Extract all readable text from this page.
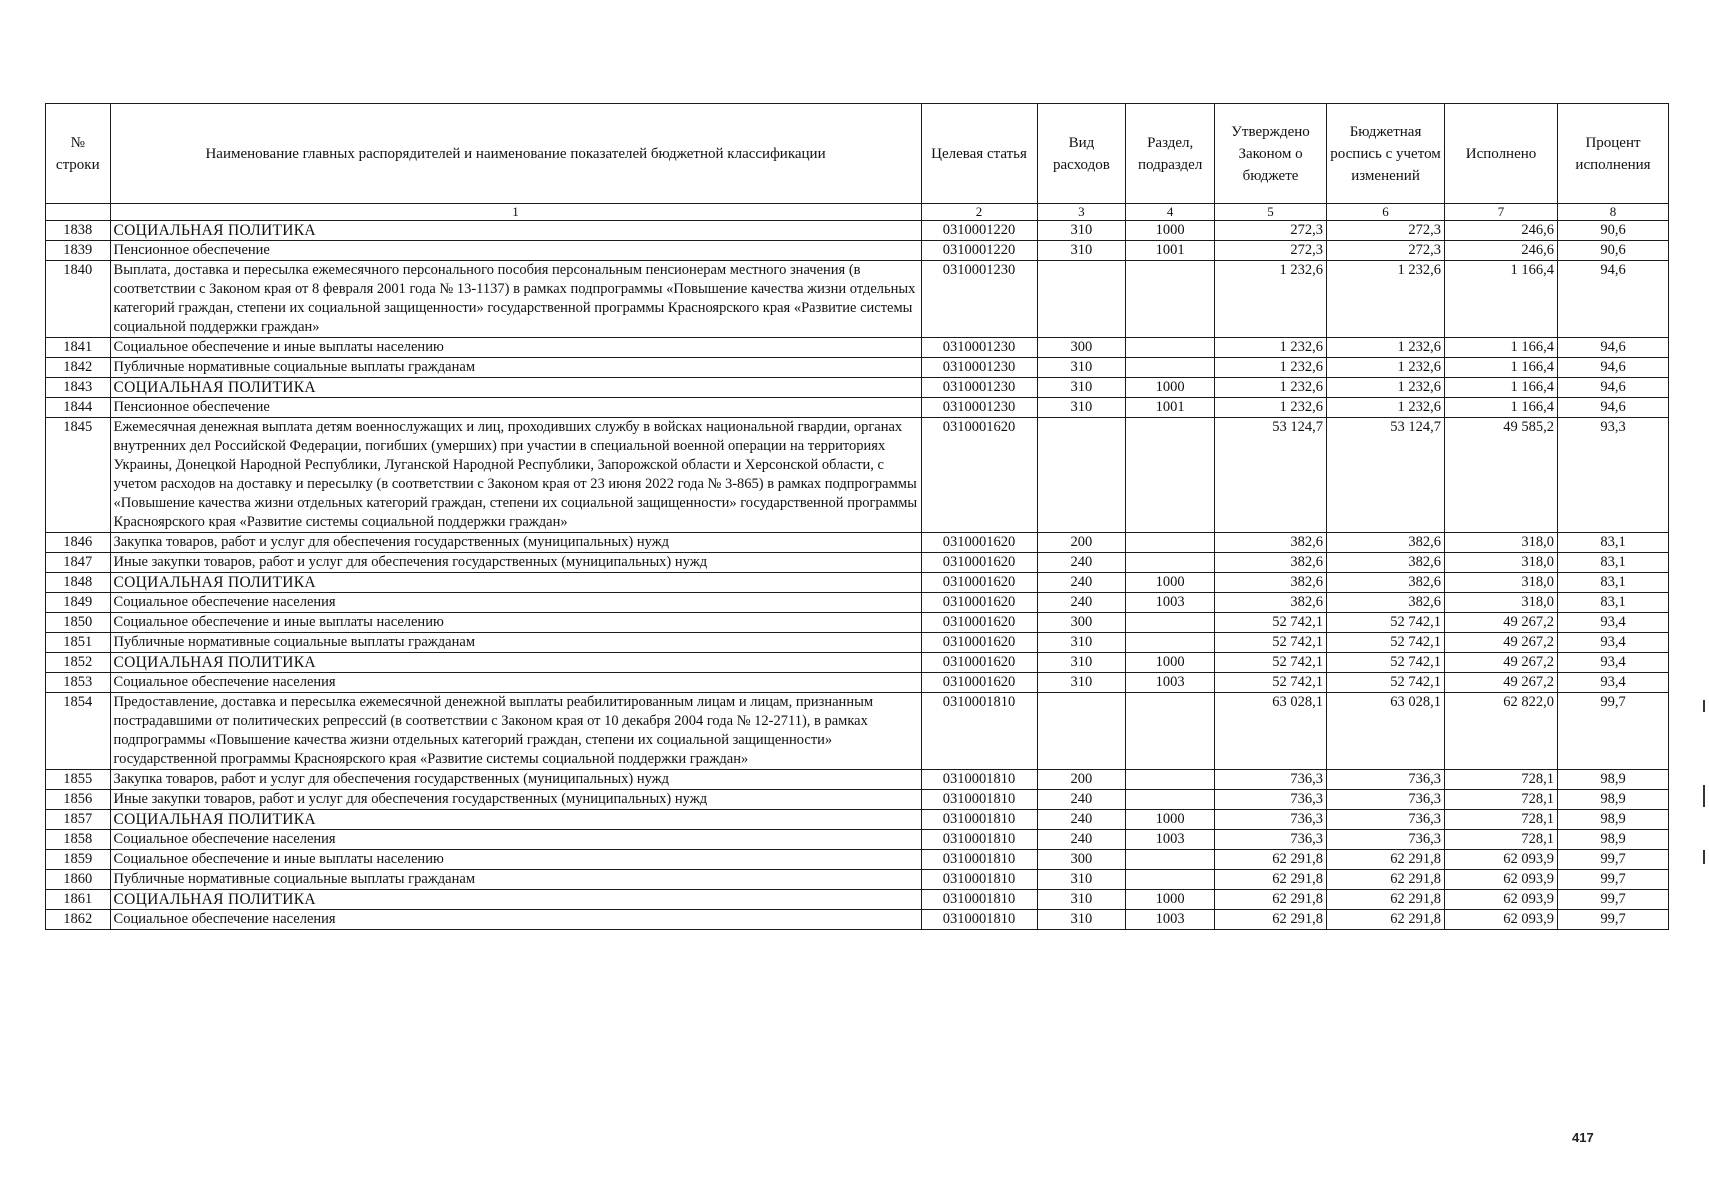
№ строки	Наименование главных распорядителей и наименование показателей бюджетной классификации	Целевая статья	Вид расходов	Раздел, подраздел	Утверждено Законом о бюджете	Бюджетная роспись с учетом изменений	Исполнено	Процент исполнения
	1	2	3	4	5	6	7	8
1838	СОЦИАЛЬНАЯ ПОЛИТИКА	0310001220	310	1000	272,3	272,3	246,6	90,6
1839	Пенсионное обеспечение	0310001220	310	1001	272,3	272,3	246,6	90,6
1840	Выплата, доставка и пересылка ежемесячного персонального пособия персональным пенсионерам местного значения (в соответствии с Законом края от 8 февраля 2001 года № 13-1137) в рамках подпрограммы «Повышение качества жизни отдельных категорий граждан, степени их социальной защищенности» государственной программы Красноярского края «Развитие системы социальной поддержки граждан»	0310001230			1 232,6	1 232,6	1 166,4	94,6
1841	Социальное обеспечение и иные выплаты населению	0310001230	300		1 232,6	1 232,6	1 166,4	94,6
1842	Публичные нормативные социальные выплаты гражданам	0310001230	310		1 232,6	1 232,6	1 166,4	94,6
1843	СОЦИАЛЬНАЯ ПОЛИТИКА	0310001230	310	1000	1 232,6	1 232,6	1 166,4	94,6
1844	Пенсионное обеспечение	0310001230	310	1001	1 232,6	1 232,6	1 166,4	94,6
1845	Ежемесячная денежная выплата детям военнослужащих и лиц, проходивших службу в войсках национальной гвардии, органах внутренних дел Российской Федерации, погибших (умерших) при участии в специальной военной операции на территориях Украины, Донецкой Народной Республики, Луганской Народной Республики, Запорожской области и Херсонской области, с учетом расходов на доставку и пересылку (в соответствии с Законом края от 23 июня 2022 года № 3-865) в рамках подпрограммы «Повышение качества жизни отдельных категорий граждан, степени их социальной защищенности» государственной программы Красноярского края «Развитие системы социальной поддержки граждан»	0310001620			53 124,7	53 124,7	49 585,2	93,3
1846	Закупка товаров, работ и услуг для обеспечения государственных (муниципальных) нужд	0310001620	200		382,6	382,6	318,0	83,1
1847	Иные закупки товаров, работ и услуг для обеспечения государственных (муниципальных) нужд	0310001620	240		382,6	382,6	318,0	83,1
1848	СОЦИАЛЬНАЯ ПОЛИТИКА	0310001620	240	1000	382,6	382,6	318,0	83,1
1849	Социальное обеспечение населения	0310001620	240	1003	382,6	382,6	318,0	83,1
1850	Социальное обеспечение и иные выплаты населению	0310001620	300		52 742,1	52 742,1	49 267,2	93,4
1851	Публичные нормативные социальные выплаты гражданам	0310001620	310		52 742,1	52 742,1	49 267,2	93,4
1852	СОЦИАЛЬНАЯ ПОЛИТИКА	0310001620	310	1000	52 742,1	52 742,1	49 267,2	93,4
1853	Социальное обеспечение населения	0310001620	310	1003	52 742,1	52 742,1	49 267,2	93,4
1854	Предоставление, доставка и пересылка ежемесячной денежной выплаты реабилитированным лицам и лицам, признанным пострадавшими от политических репрессий (в соответствии с Законом края от 10 декабря 2004 года № 12-2711), в рамках подпрограммы «Повышение качества жизни отдельных категорий граждан, степени их социальной защищенности» государственной программы Красноярского края «Развитие системы социальной поддержки граждан»	0310001810			63 028,1	63 028,1	62 822,0	99,7
1855	Закупка товаров, работ и услуг для обеспечения государственных (муниципальных) нужд	0310001810	200		736,3	736,3	728,1	98,9
1856	Иные закупки товаров, работ и услуг для обеспечения государственных (муниципальных) нужд	0310001810	240		736,3	736,3	728,1	98,9
1857	СОЦИАЛЬНАЯ ПОЛИТИКА	0310001810	240	1000	736,3	736,3	728,1	98,9
1858	Социальное обеспечение населения	0310001810	240	1003	736,3	736,3	728,1	98,9
1859	Социальное обеспечение и иные выплаты населению	0310001810	300		62 291,8	62 291,8	62 093,9	99,7
1860	Публичные нормативные социальные выплаты гражданам	0310001810	310		62 291,8	62 291,8	62 093,9	99,7
1861	СОЦИАЛЬНАЯ ПОЛИТИКА	0310001810	310	1000	62 291,8	62 291,8	62 093,9	99,7
1862	Социальное обеспечение населения	0310001810	310	1003	62 291,8	62 291,8	62 093,9	99,7
417
